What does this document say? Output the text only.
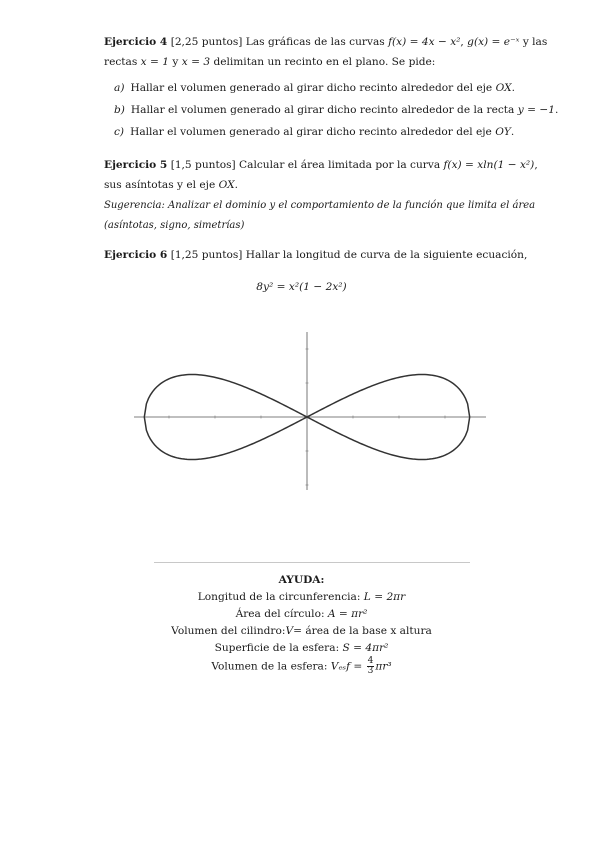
Ejercicio 4 [2,25 puntos] Las gráficas de las curvas f(x) = 4x − x², g(x) = e⁻ˣ y las rectas x = 1 y x = 3 delimitan un recinto en el plano. Se pide:
a) Hallar el volumen generado al girar dicho recinto alrededor del eje OX.
b) Hallar el volumen generado al girar dicho recinto alrededor de la recta y = −1.
c) Hallar el volumen generado al girar dicho recinto alrededor del eje OY.
Ejercicio 5 [1,5 puntos] Calcular el área limitada por la curva f(x) = xln(1 − x²), sus asíntotas y el eje OX.
Sugerencia: Analizar el dominio y el comportamiento de la función que limita el área (asíntotas, signo, simetrías)
Ejercicio 6 [1,25 puntos] Hallar la longitud de curva de la siguiente ecuación,
8y² = x²(1 − 2x²)
AYUDA:
Longitud de la circunferencia: L = 2πr
Área del círculo: A = πr²
Volumen del cilindro:V= área de la base x altura
Superficie de la esfera: S = 4πr²
Volumen de la esfera: $V_{es}f = \frac{4}{3} \pi r^3$
